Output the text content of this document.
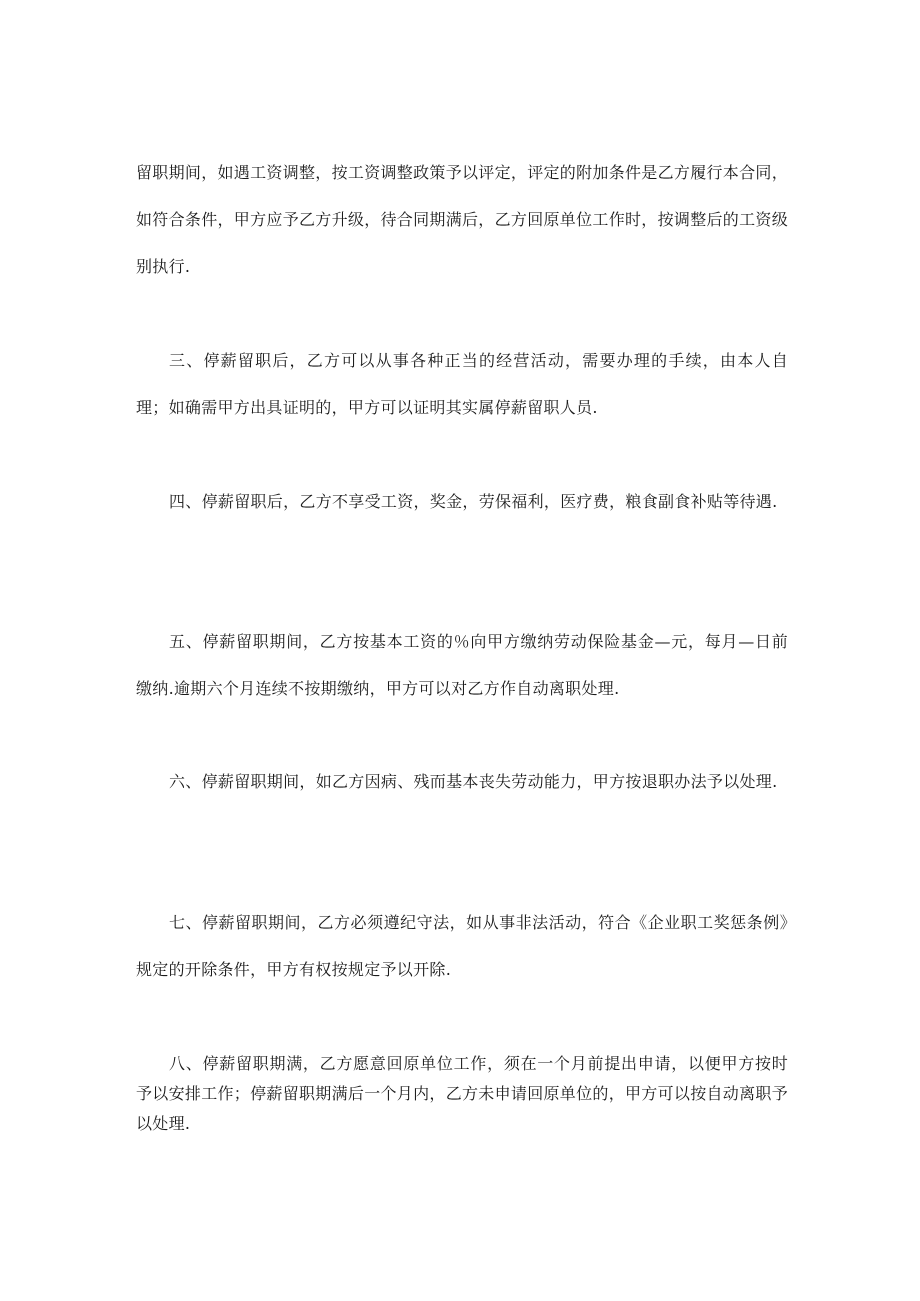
留职期间，如遇工资调整，按工资调整政策予以评定，评定的附加条件是乙方履行本合同，如符合条件，甲方应予乙方升级，待合同期满后，乙方回原单位工作时，按调整后的工资级别执行.

三、停薪留职后，乙方可以从事各种正当的经营活动，需要办理的手续，由本人自理；如确需甲方出具证明的，甲方可以证明其实属停薪留职人员.

四、停薪留职后，乙方不享受工资，奖金，劳保福利，医疗费，粮食副食补贴等待遇.

五、停薪留职期间，乙方按基本工资的％向甲方缴纳劳动保险基金—元，每月—日前缴纳.逾期六个月连续不按期缴纳，甲方可以对乙方作自动离职处理.

六、停薪留职期间，如乙方因病、残而基本丧失劳动能力，甲方按退职办法予以处理.

七、停薪留职期间，乙方必须遵纪守法，如从事非法活动，符合《企业职工奖惩条例》规定的开除条件，甲方有权按规定予以开除.

八、停薪留职期满，乙方愿意回原单位工作，须在一个月前提出申请，以便甲方按时予以安排工作；停薪留职期满后一个月内，乙方未申请回原单位的，甲方可以按自动离职予以处理.
